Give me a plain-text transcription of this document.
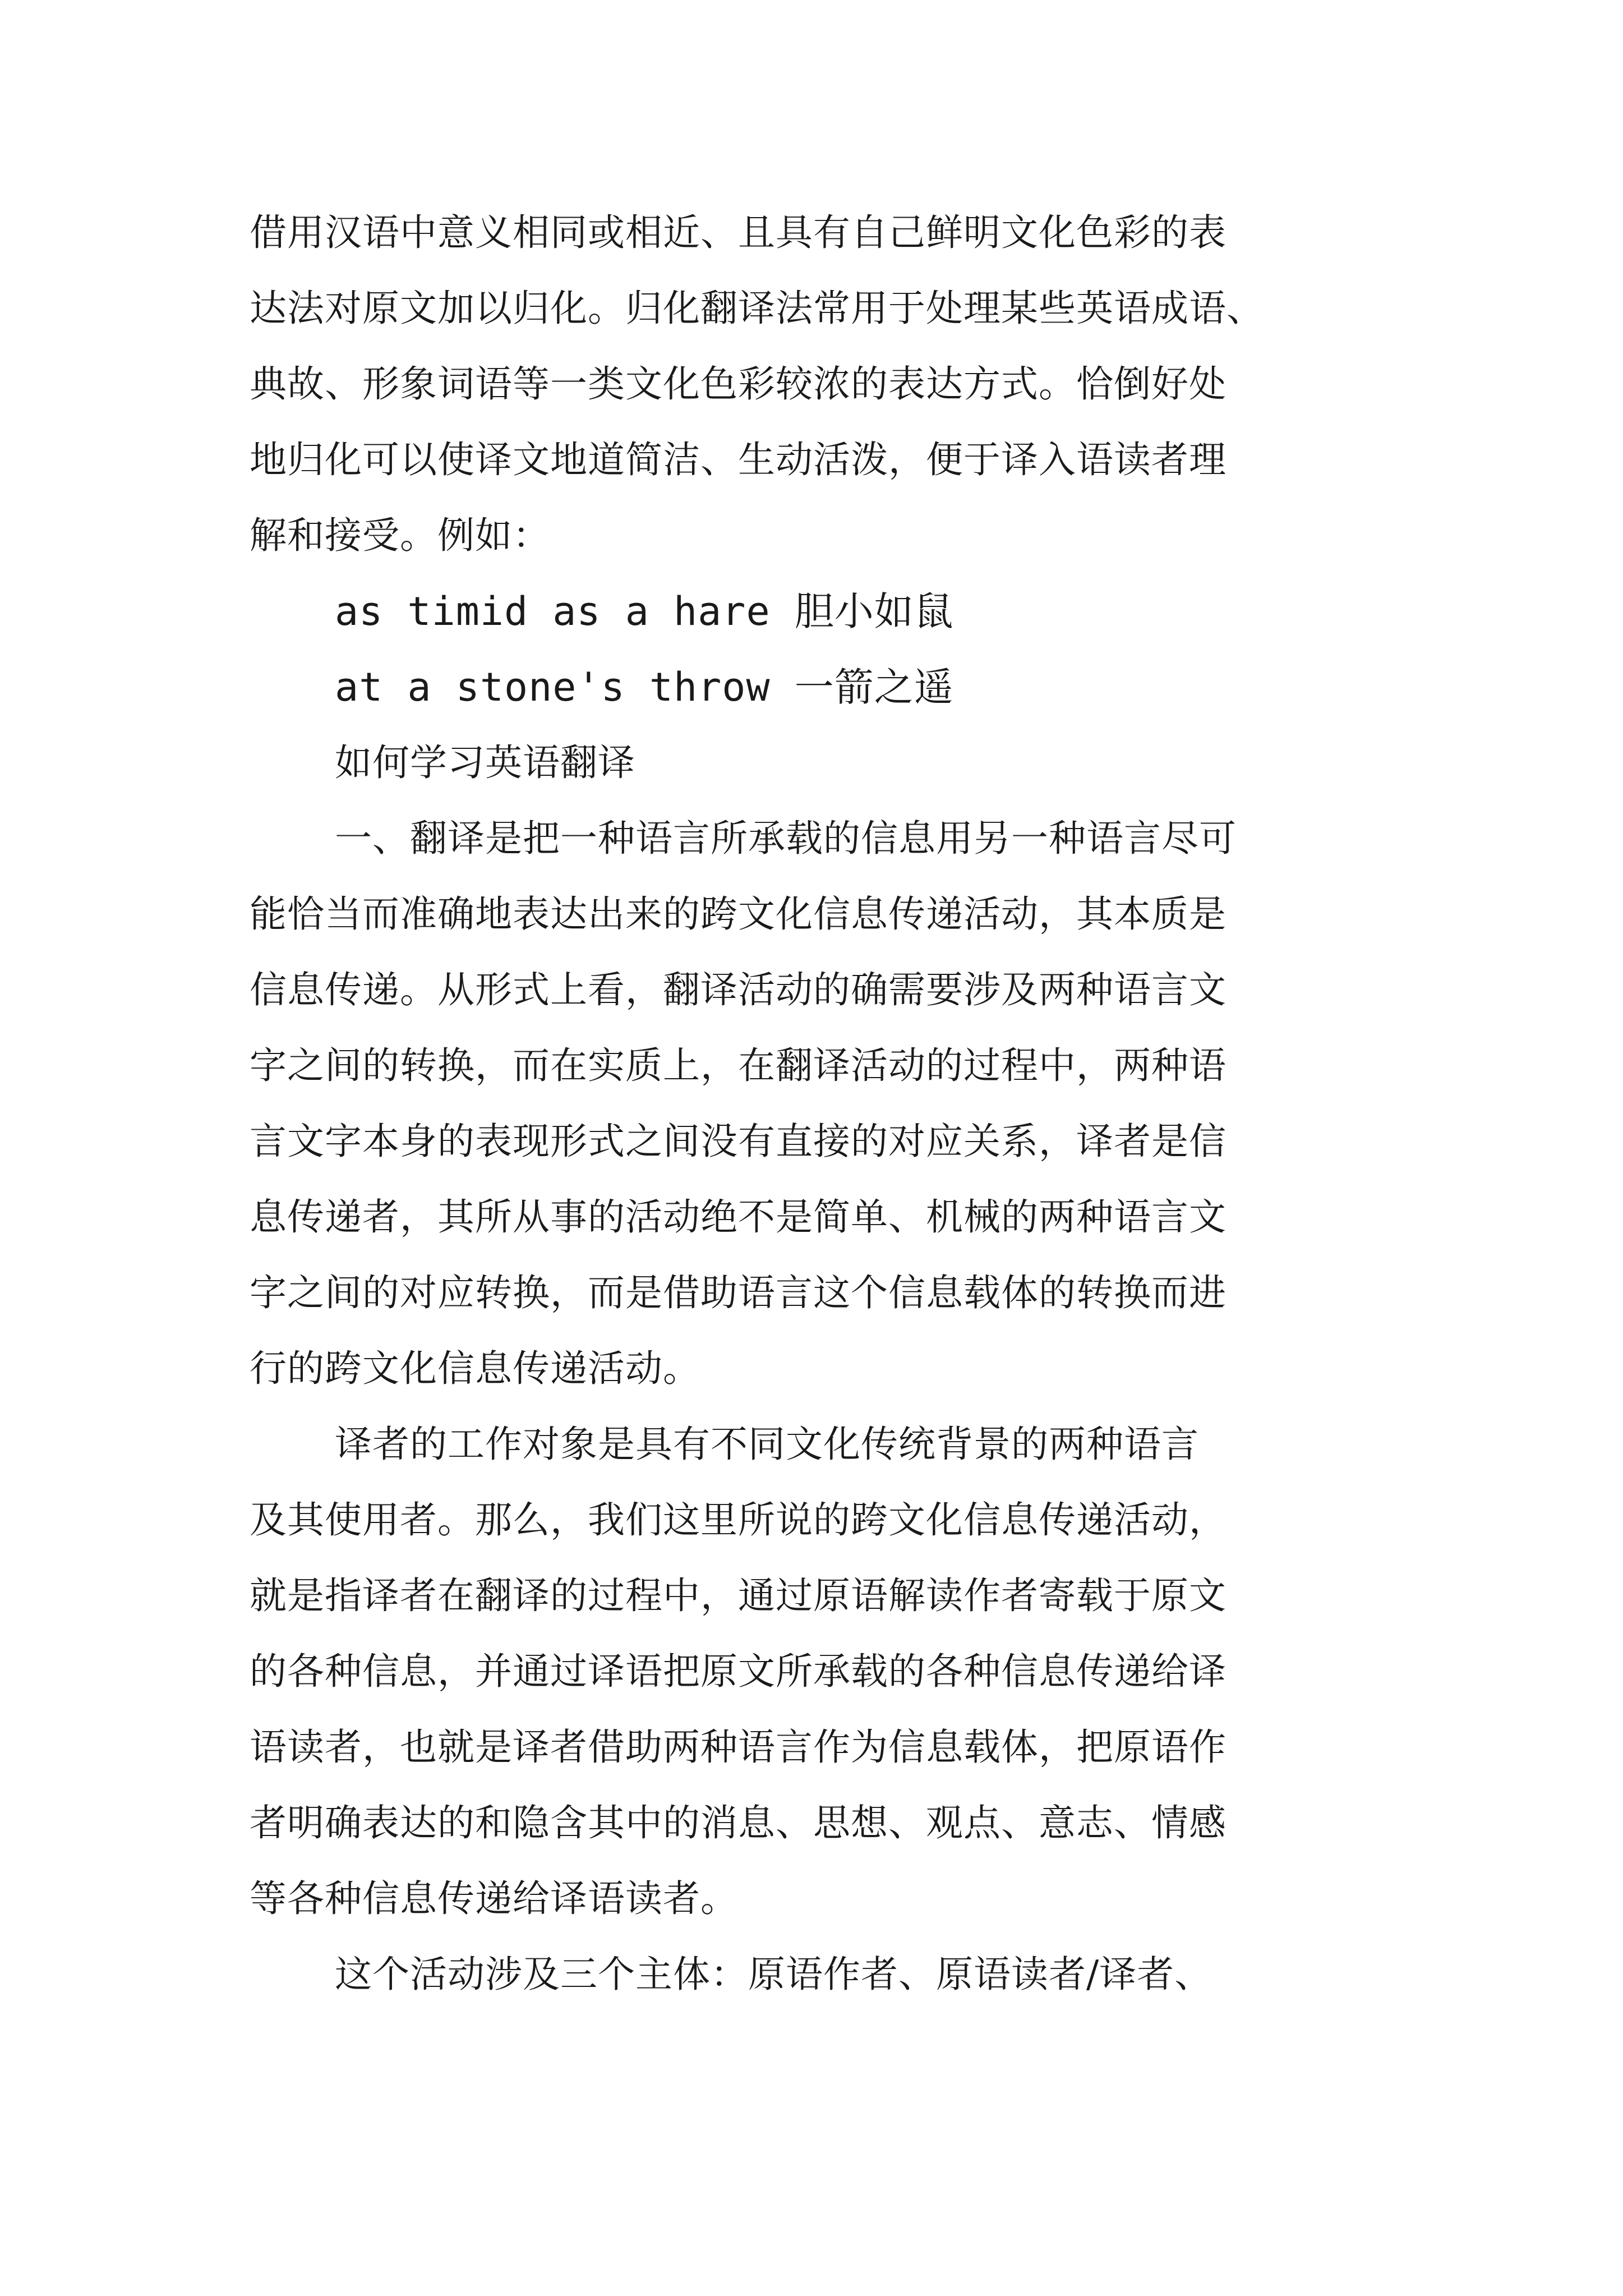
借用汉语中意义相同或相近、且具有自己鲜明文化色彩的表

达法对原文加以归化。归化翻译法常用于处理某些英语成语、

典故、形象词语等一类文化色彩较浓的表达方式。恰倒好处

地归化可以使译文地道简洁、生动活泼，便于译入语读者理

解和接受。例如：

as timid as a hare 胆小如鼠

at a stone's throw 一箭之遥

如何学习英语翻译

一、翻译是把一种语言所承载的信息用另一种语言尽可

能恰当而准确地表达出来的跨文化信息传递活动，其本质是

信息传递。从形式上看，翻译活动的确需要涉及两种语言文

字之间的转换，而在实质上，在翻译活动的过程中，两种语

言文字本身的表现形式之间没有直接的对应关系，译者是信

息传递者，其所从事的活动绝不是简单、机械的两种语言文

字之间的对应转换，而是借助语言这个信息载体的转换而进

行的跨文化信息传递活动。

译者的工作对象是具有不同文化传统背景的两种语言

及其使用者。那么，我们这里所说的跨文化信息传递活动，

就是指译者在翻译的过程中，通过原语解读作者寄载于原文

的各种信息，并通过译语把原文所承载的各种信息传递给译

语读者，也就是译者借助两种语言作为信息载体，把原语作

者明确表达的和隐含其中的消息、思想、观点、意志、情感

等各种信息传递给译语读者。

这个活动涉及三个主体：原语作者、原语读者/译者、
